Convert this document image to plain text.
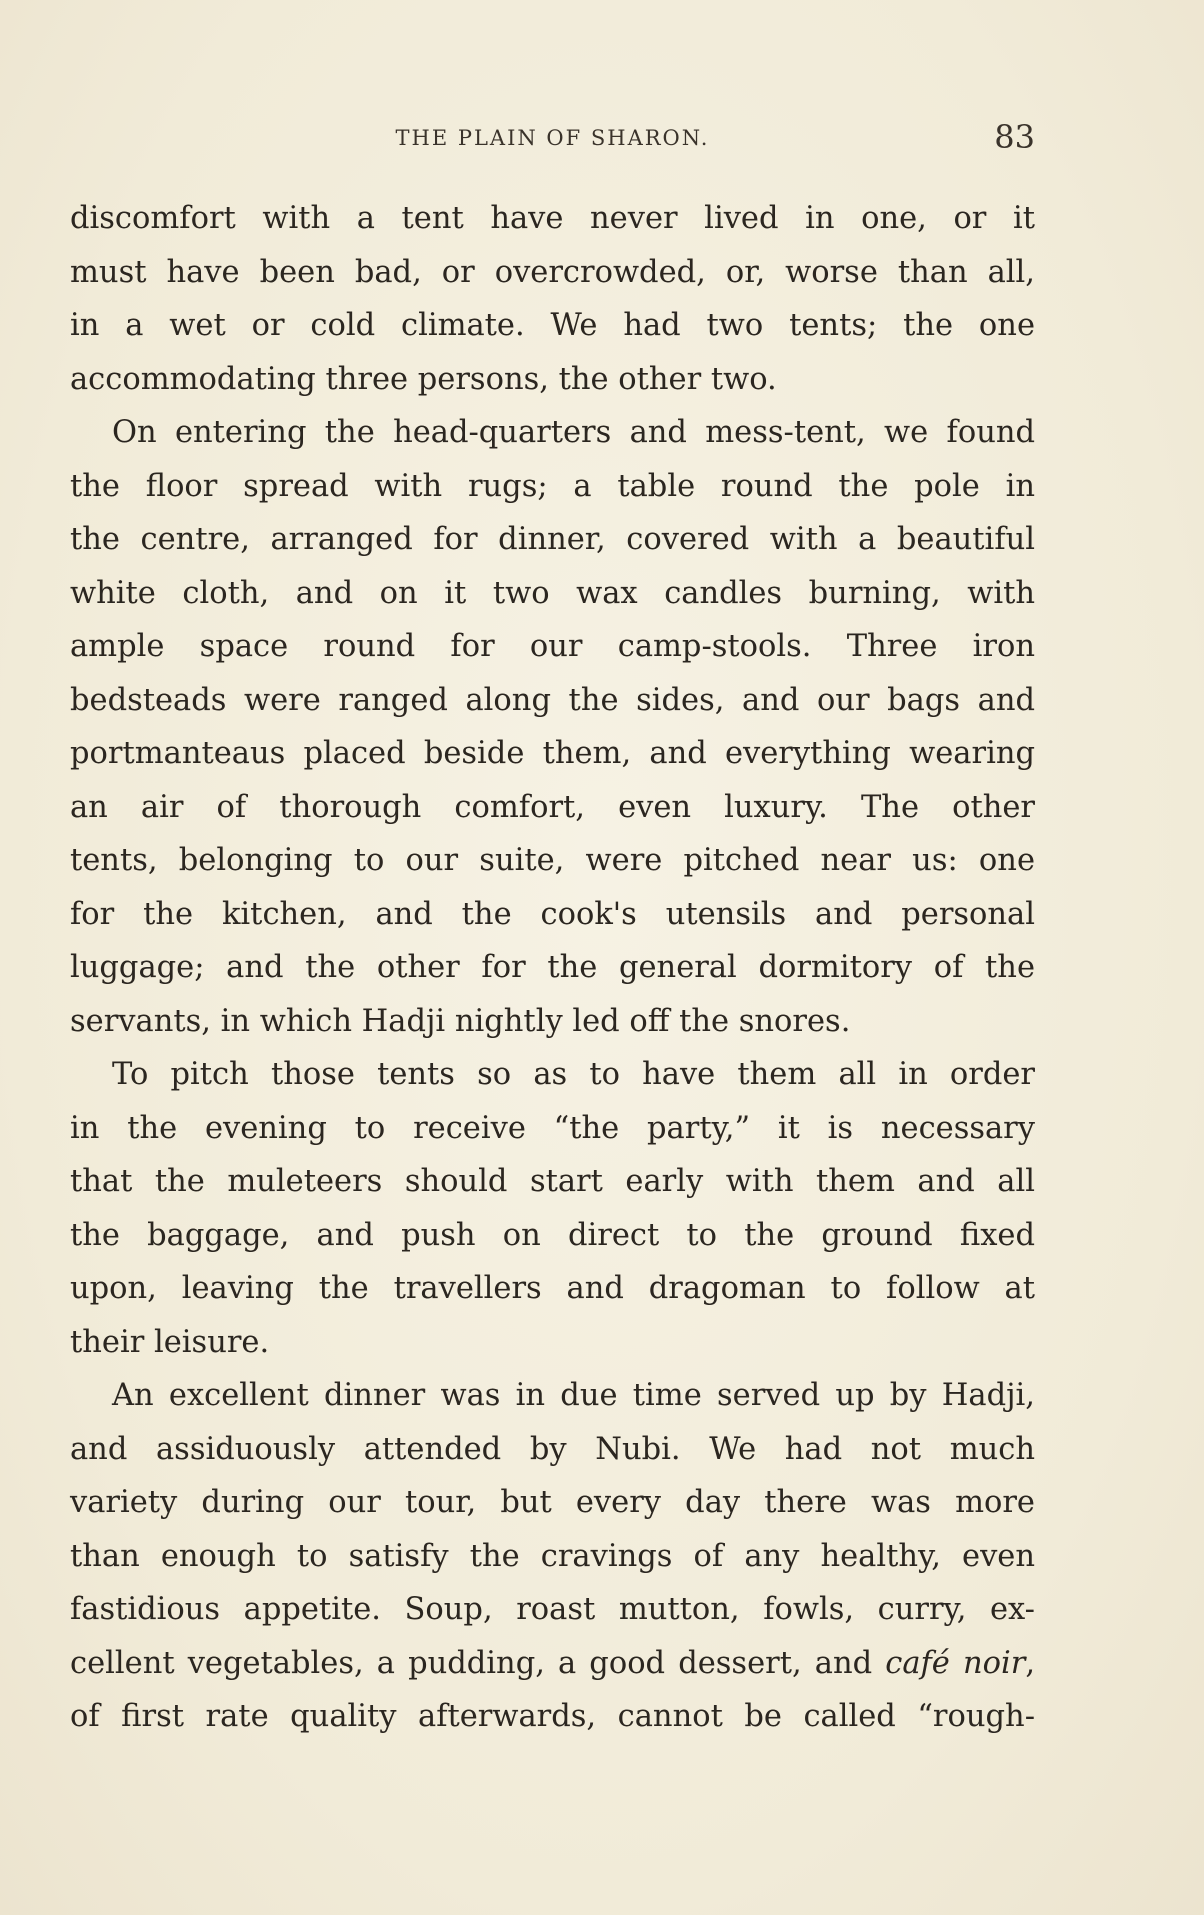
THE PLAIN OF SHARON.	83
discomfort with a tent have never lived in one, or it
must have been bad, or overcrowded, or, worse than all,
in a wet or cold climate. We had two tents; the one
accommodating three persons, the other two.
On entering the head-quarters and mess-tent, we found
the floor spread with rugs; a table round the pole in
the centre, arranged for dinner, covered with a beautiful
white cloth, and on it two wax candles burning, with
ample space round for our camp-stools. Three iron
bedsteads were ranged along the sides, and our bags and
portmanteaus placed beside them, and everything wearing
an air of thorough comfort, even luxury. The other
tents, belonging to our suite, were pitched near us: one
for the kitchen, and the cook's utensils and personal
luggage; and the other for the general dormitory of the
servants, in which Hadji nightly led off the snores.
To pitch those tents so as to have them all in order
in the evening to receive “the party,” it is necessary
that the muleteers should start early with them and all
the baggage, and push on direct to the ground fixed
upon, leaving the travellers and dragoman to follow at
their leisure.
An excellent dinner was in due time served up by Hadji,
and assiduously attended by Nubi. We had not much
variety during our tour, but every day there was more
than enough to satisfy the cravings of any healthy, even
fastidious appetite. Soup, roast mutton, fowls, curry, ex-
cellent vegetables, a pudding, a good dessert, and café noir,
of first rate quality afterwards, cannot be called “rough-
